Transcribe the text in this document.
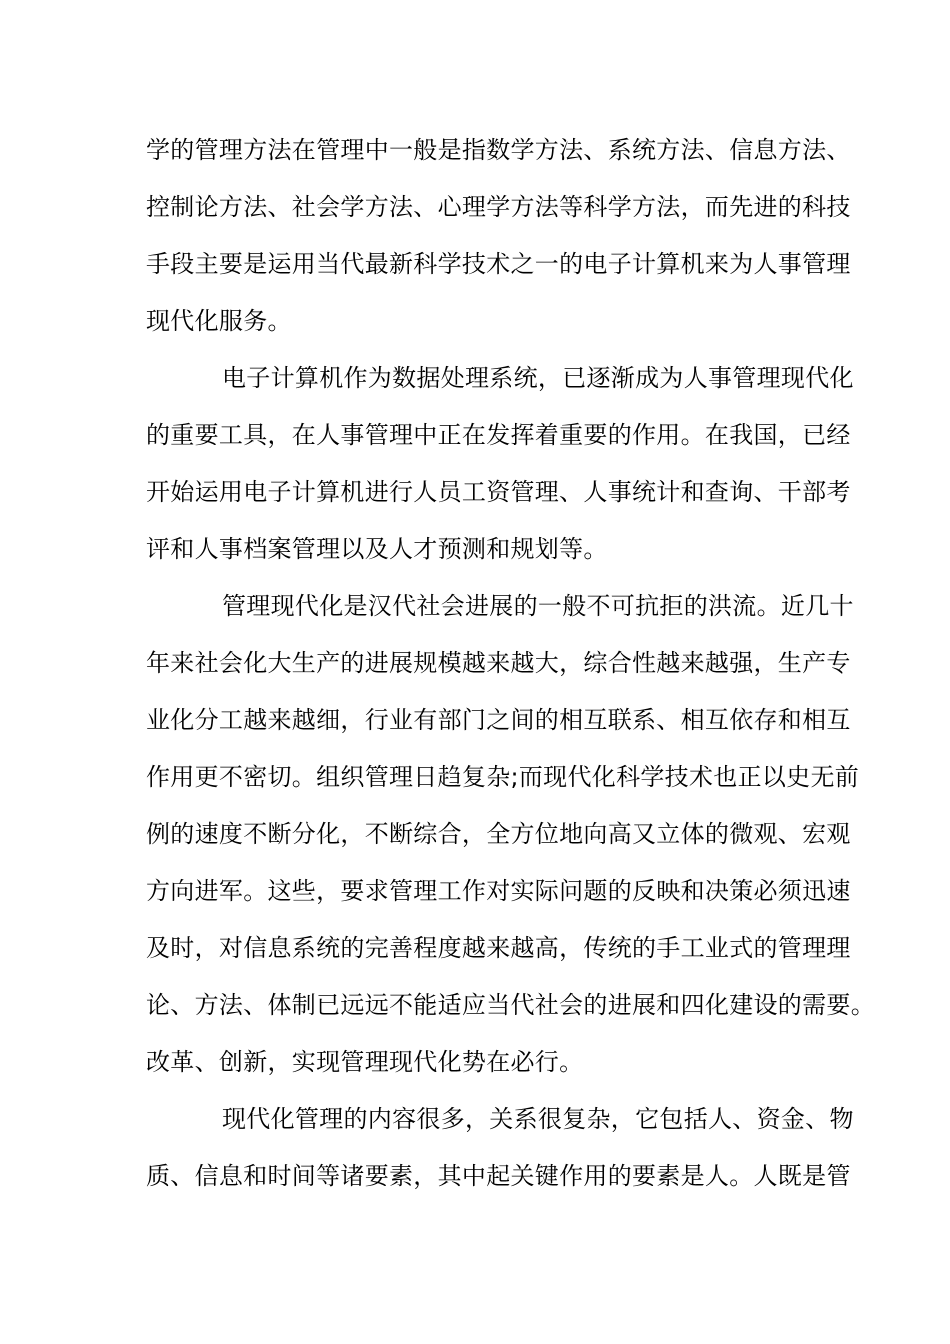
学的管理方法在管理中一般是指数学方法、系统方法、信息方法、
控制论方法、社会学方法、心理学方法等科学方法，而先进的科技
手段主要是运用当代最新科学技术之一的电子计算机来为人事管理
现代化服务。
电子计算机作为数据处理系统，已逐渐成为人事管理现代化
的重要工具，在人事管理中正在发挥着重要的作用。在我国，已经
开始运用电子计算机进行人员工资管理、人事统计和查询、干部考
评和人事档案管理以及人才预测和规划等。
管理现代化是汉代社会进展的一般不可抗拒的洪流。近几十
年来社会化大生产的进展规模越来越大，综合性越来越强，生产专
业化分工越来越细，行业有部门之间的相互联系、相互依存和相互
作用更不密切。组织管理日趋复杂;而现代化科学技术也正以史无前
例的速度不断分化，不断综合，全方位地向高又立体的微观、宏观
方向进军。这些，要求管理工作对实际问题的反映和决策必须迅速
及时，对信息系统的完善程度越来越高，传统的手工业式的管理理
论、方法、体制已远远不能适应当代社会的进展和四化建设的需要。
改革、创新，实现管理现代化势在必行。
现代化管理的内容很多，关系很复杂，它包括人、资金、物
质、信息和时间等诸要素，其中起关键作用的要素是人。人既是管
